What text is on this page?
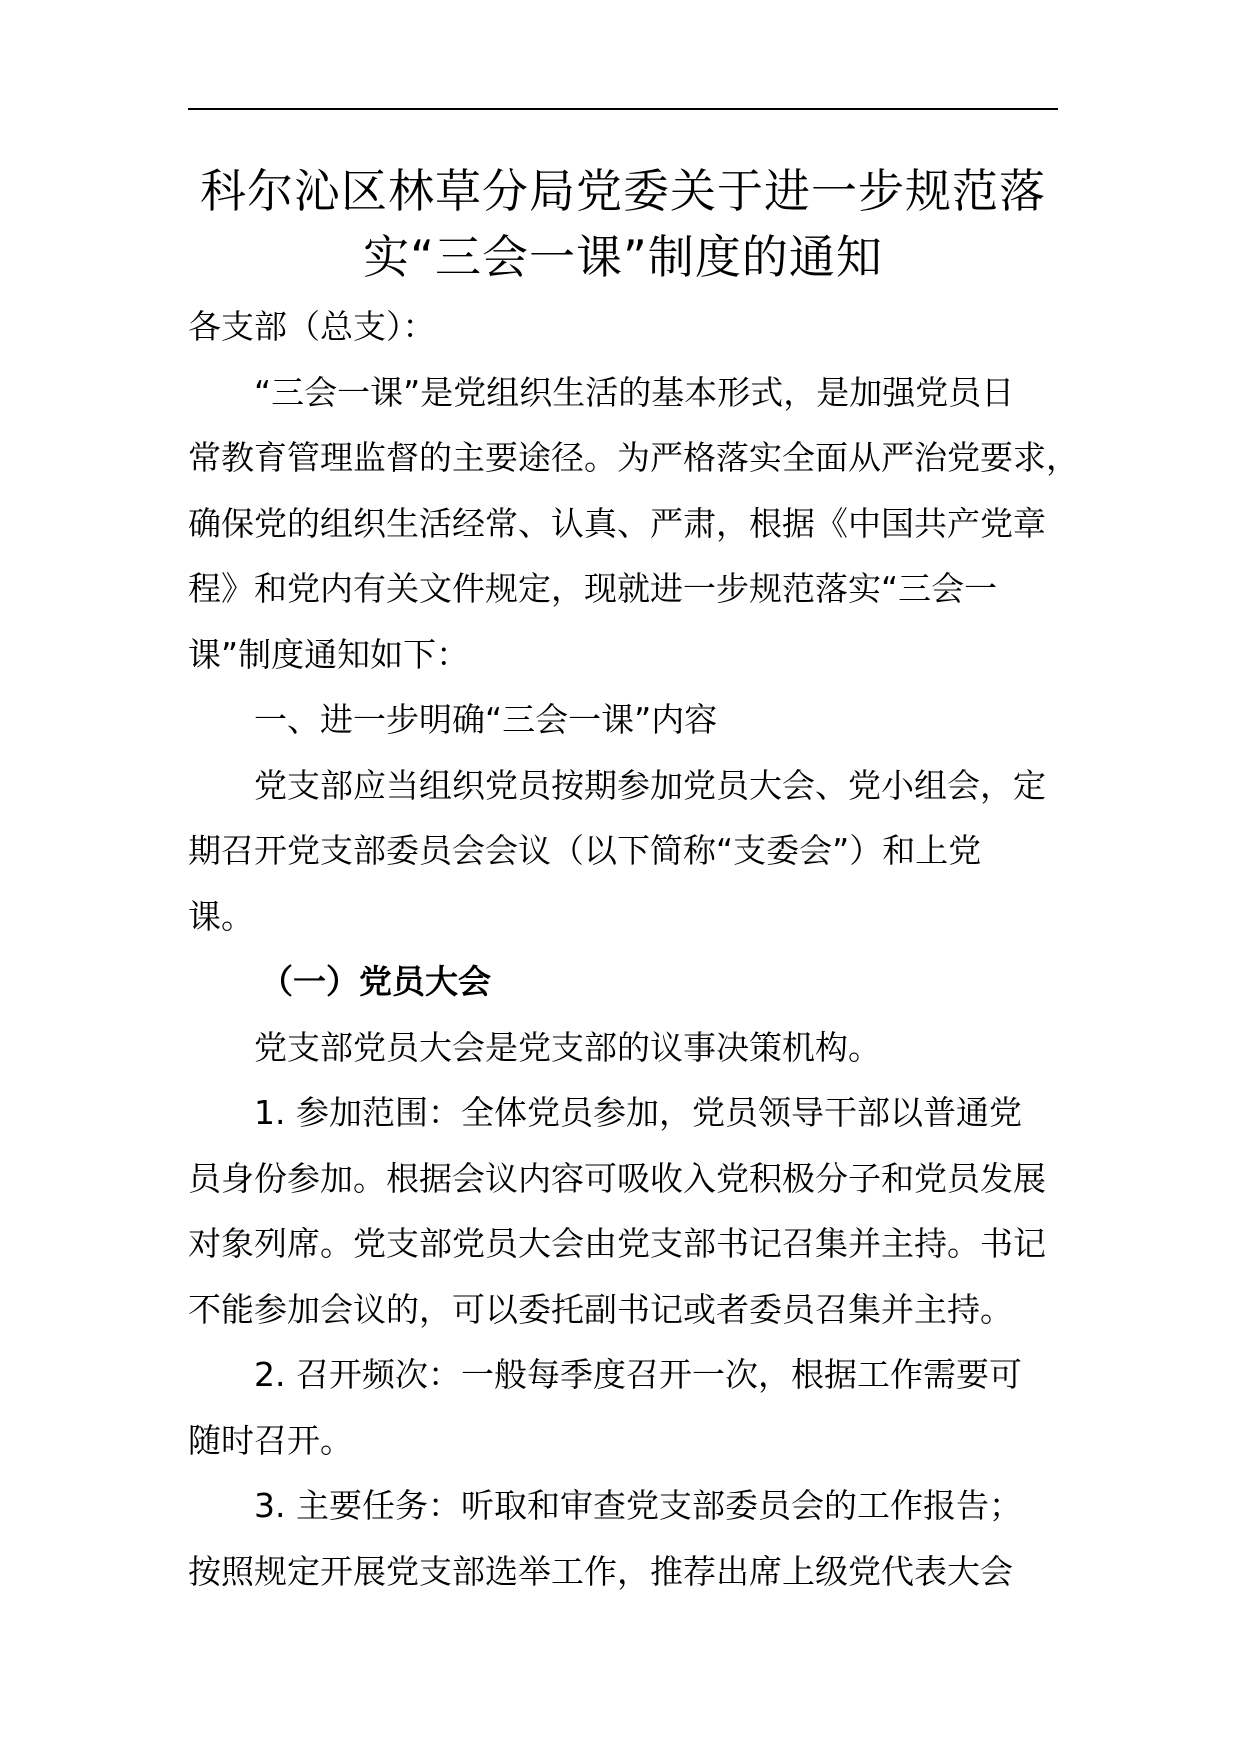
科尔沁区林草分局党委关于进一步规范落
实“三会一课”制度的通知

各支部（总支）：

“三会一课”是党组织生活的基本形式，是加强党员日

常教育管理监督的主要途径。为严格落实全面从严治党要求，

确保党的组织生活经常、认真、严肃，根据《中国共产党章

程》和党内有关文件规定，现就进一步规范落实“三会一

课”制度通知如下：

一、进一步明确“三会一课”内容

党支部应当组织党员按期参加党员大会、党小组会，定

期召开党支部委员会会议（以下简称“支委会”）和上党

课。

（一）党员大会

党支部党员大会是党支部的议事决策机构。

1. 参加范围：全体党员参加，党员领导干部以普通党

员身份参加。根据会议内容可吸收入党积极分子和党员发展

对象列席。党支部党员大会由党支部书记召集并主持。书记

不能参加会议的，可以委托副书记或者委员召集并主持。

2. 召开频次：一般每季度召开一次，根据工作需要可

随时召开。

3. 主要任务：听取和审查党支部委员会的工作报告；

按照规定开展党支部选举工作，推荐出席上级党代表大会
